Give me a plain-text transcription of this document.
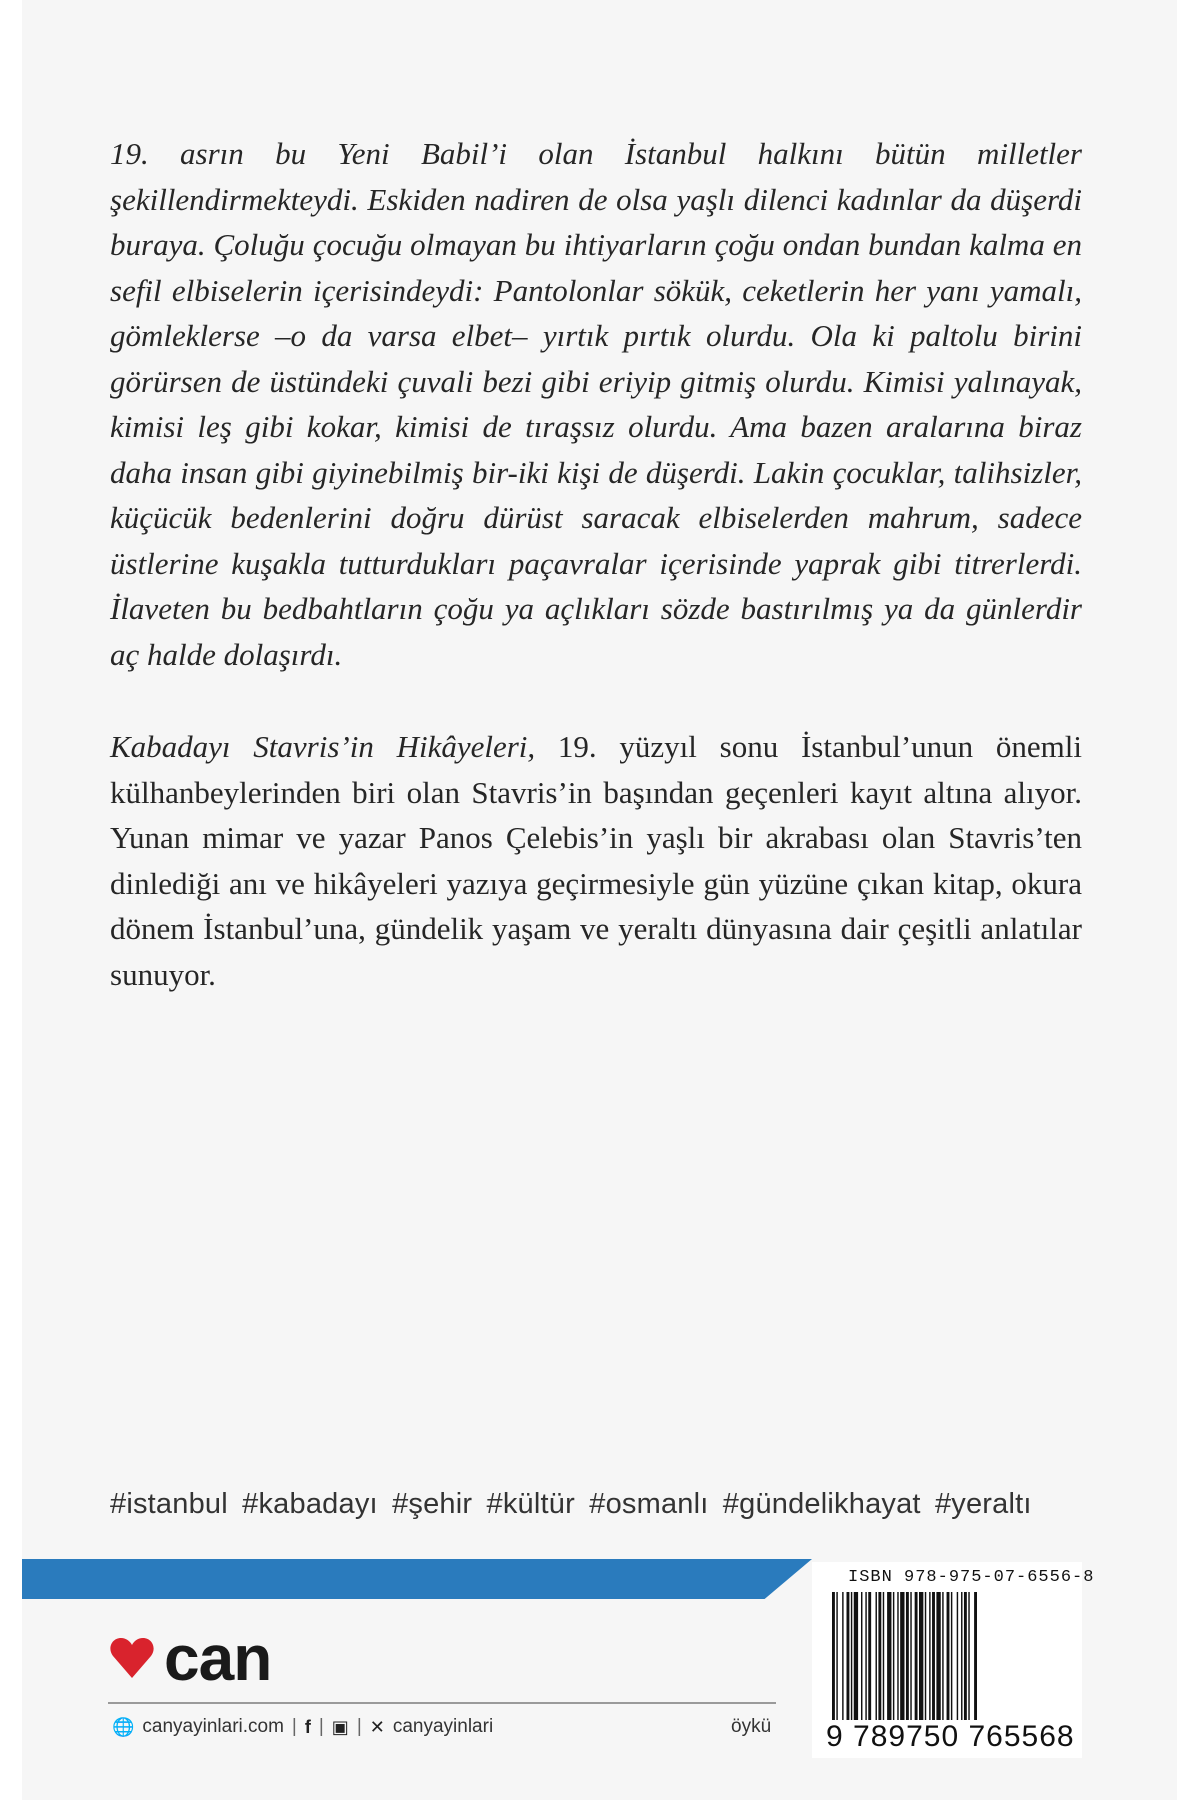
19. asrın bu Yeni Babil’i olan İstanbul halkını bütün milletler şekillendirmekteydi. Eskiden nadiren de olsa yaşlı dilenci kadınlar da düşerdi buraya. Çoluğu çocuğu olmayan bu ihtiyarların çoğu ondan bundan kalma en sefil elbiselerin içerisindeydi: Pantolonlar sökük, ceketlerin her yanı yamalı, gömleklerse –o da varsa elbet– yırtık pırtık olurdu. Ola ki paltolu birini görürsen de üstündeki çuvali bezi gibi eriyip gitmiş olurdu. Kimisi yalınayak, kimisi leş gibi kokar, kimisi de tıraşsız olurdu. Ama bazen aralarına biraz daha insan gibi giyinebilmiş bir-iki kişi de düşerdi. Lakin çocuklar, talihsizler, küçücük bedenlerini doğru dürüst saracak elbiselerden mahrum, sadece üstlerine kuşakla tutturdukları paçavralar içerisinde yaprak gibi titrerlerdi. İlaveten bu bedbahtların çoğu ya açlıkları sözde bastırılmış ya da günlerdir aç halde dolaşırdı.

Kabadayı Stavris’in Hikâyeleri, 19. yüzyıl sonu İstanbul’unun önemli külhanbeylerinden biri olan Stavris’in başından geçenleri kayıt altına alıyor. Yunan mimar ve yazar Panos Çelebis’in yaşlı bir akrabası olan Stavris’ten dinlediği anı ve hikâyeleri yazıya geçirmesiyle gün yüzüne çıkan kitap, okura dönem İstanbul’una, gündelik yaşam ve yeraltı dünyasına dair çeşitli anlatılar sunuyor.

#istanbul #kabadayı #şehir #kültür #osmanlı #gündelikhayat #yeraltı
can
🌐 canyayinlari.com | f | ▣ | ✕ canyayinlari	öykü
ISBN 978-975-07-6556-8
9 789750 765568
